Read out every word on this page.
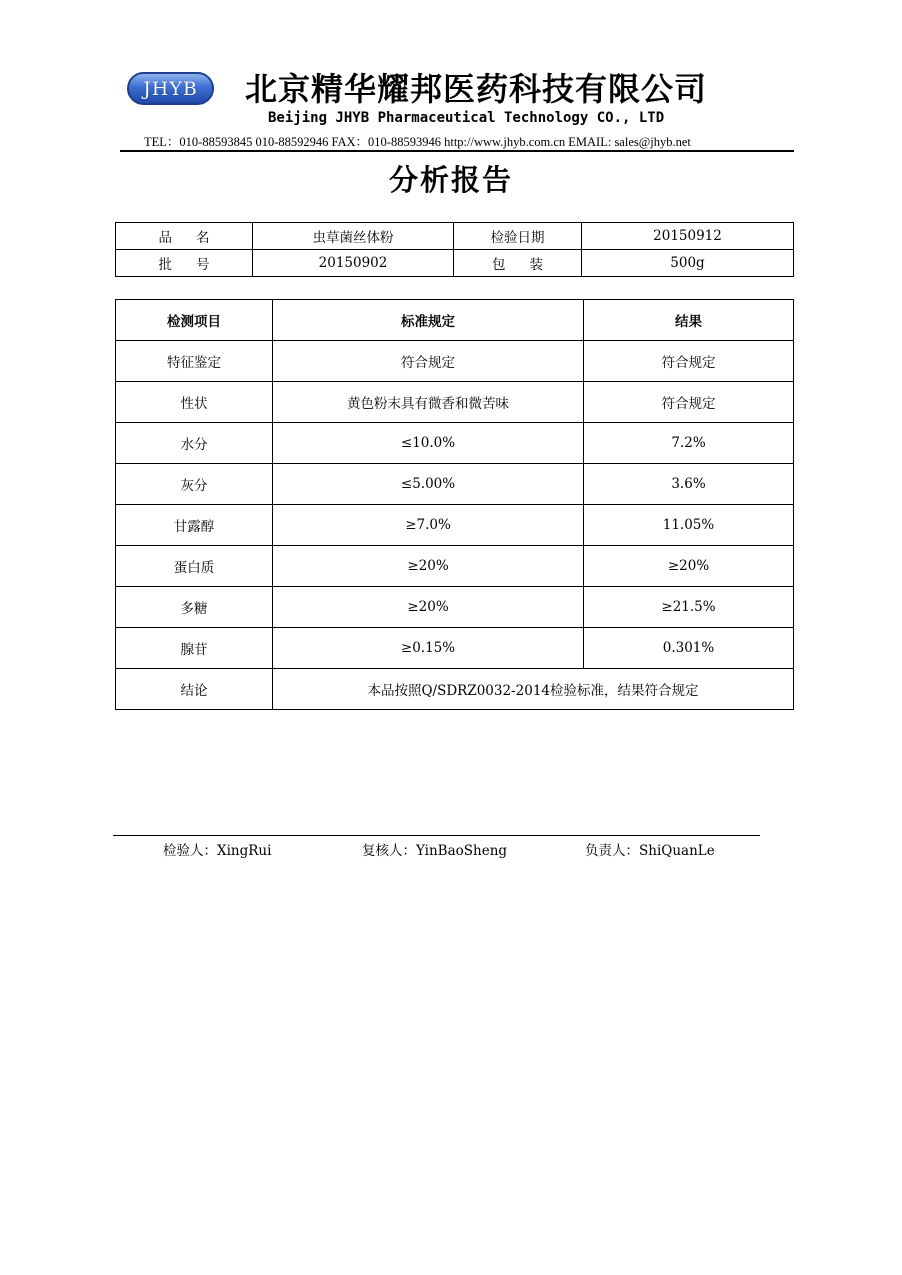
JHYB 北京精华耀邦医药科技有限公司
Beijing JHYB Pharmaceutical Technology CO., LTD
TEL：010-88593845 010-88592946 FAX：010-88593946 http://www.jhyb.com.cn EMAIL: sales@jhyb.net
分析报告
品名	虫草菌丝体粉	检验日期	20150912
批号	20150902	包装	500g
检测项目	标准规定	结果
特征鉴定	符合规定	符合规定
性状	黄色粉末具有微香和微苦味	符合规定
水分	≤10.0%	7.2%
灰分	≤5.00%	3.6%
甘露醇	≥7.0%	11.05%
蛋白质	≥20%	≥20%
多糖	≥20%	≥21.5%
腺苷	≥0.15%	0.301%
结论	本品按照Q/SDRZ0032-2014检验标准，结果符合规定	
检验人：XingRui	复核人：YinBaoSheng	负责人：ShiQuanLe
